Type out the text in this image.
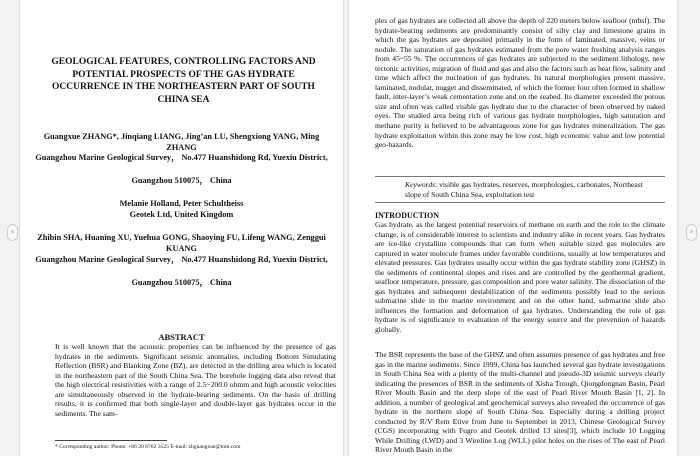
‹	›
GEOLOGICAL FEATURES, CONTROLLING FACTORS AND POTENTIAL PROSPECTS OF THE GAS HYDRATE OCCURRENCE IN THE NORTHEASTERN PART OF SOUTH CHINA SEA
Guangxue ZHANG*, Jinqiang LIANG, Jing’an LU, Shengxiong YANG, Ming ZHANG
Guangzhou Marine Geological Survey， No.477 Huanshidong Rd, Yuexiu District,
Guangzhou 510075， China
Melanie Holland, Peter Schultheiss
Geotek Ltd, United Kingdom
Zhibin SHA, Huaning XU, Yuehua GONG, Shaoying FU, Lifeng WANG, Zenggui KUANG
Guangzhou Marine Geological Survey， No.477 Huanshidong Rd, Yuexiu District,
Guangzhou 510075， China
ABSTRACT
It is well known that the acoustic properties can be influenced by the presence of gas hydrates in the sediments. Significant seismic anomalies, including Bottom Simulating Reflection (BSR) and Blanking Zone (BZ), are detected in the drilling area which is located in the northeastern part of the South China Sea. The borehole logging data also reveal that the high electrical resistivities with a range of 2.5~200.0 ohmm and high acoustic velocities are simultaneously observed in the hydrate-bearing sediments. On the basis of drilling results, it is confirmed that both single-layer and double-layer gas hydrates occur in the sediments. The sam-
* Corresponding author: Phone: +86 20 8762 3525 E-mail: zhguangxue@tom.com
ples of gas hydrates are collected all above the depth of 220 meters below seafloor (mbsf). The hydrate-bearing sediments are predominantly consist of silty clay and limestone grains in which the gas hydrates are deposited primarily in the form of laminated, massive, veins or nodule. The saturation of gas hydrates estimated from the pore water freshing analysis ranges from 45~55 %. The occurrences of gas hydrates are subjected to the sediment lithology, new tectonic activities, migration of fluid and gas and also the factors such as heat flow, salinity and time which affect the nucleation of gas hydrates. Its natural morphologies present massive, laminated, nodular, nugget and disseminated, of which the former four often formed in shallow fault, inter-layer’s weak cementation zone and on the seabed. Its diameter exceeded the porous size and often was called visible gas hydrate due to the character of been observed by naked eyes. The studied area being rich of various gas hydrate morphologies, high saturation and methane purity is believed to be advantageous zone for gas hydrates mineralization. The gas hydrate exploitation within this zone may be low cost, high economic value and low potential geo-hazards.
Keywords: visible gas hydrates, reserves, morphologies, carbonates, Northeast slope of South China Sea, exploitation test
INTRODUCTION
Gas hydrate, as the largest potential reservoirs of methane on earth and the role to the climate change, is of considerable interest to scientists and industry alike in recent years. Gas hydrates are ice-like crystalline compounds that can form when suitable sized gas molecules are captured in water molecule frames under favorable conditions, usually at low temperatures and elevated pressures. Gas hydrates usually occur within the gas hydrate stability zone (GHSZ) in the sediments of continental slopes and rises and are controlled by the geothermal gradient, seafloor temperature, pressure, gas composition and pore water salinity. The dissociation of the gas hydrates and subsequent destabilization of the sediments possibly lead to the serious submarine slide in the marine environment and on the other hand, submarine slide also influences the formation and deformation of gas hydrates. Understanding the role of gas hydrate is of significance to evaluation of the energy source and the prevention of hazards globally.
The BSR represents the base of the GHSZ and often assumes presence of gas hydrates and free gas in the marine sediments. Since 1999, China has launched several gas hydrate investigations in South China Sea with a plenty of the multi-channel and pseudo-3D seismic surveys clearly indicating the presences of BSR in the sediments of Xisha Trough, Qiongdongnan Basin, Pearl River Mouth Basin and the deep slope of the east of Pearl River Mouth Basin [1, 2]. In addition, a number of geological and geochemical surveys also revealed the occurrence of gas hydrate in the northern slope of South China Sea. Especially during a drilling project conducted by R/V Rem Etive from June to September in 2013, Chinese Geological Survey (CGS) incorporating with Fugro and Geotek drilled 13 sites[3], which include 10 Logging While Drilling (LWD) and 3 Wireline Log (WLL) pilot holes on the rises of The east of Pearl River Mouth Basin in the
